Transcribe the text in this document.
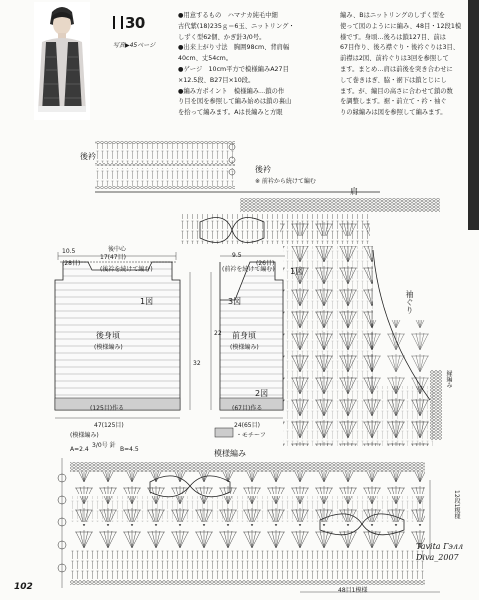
30
写真▶45ページ

●用意するもの　ハマナカ純毛中細

古代紫(18)235ｇ＝6玉、ニットリング・

しずく型62個、かぎ針3/0号。

●出来上がり寸法　胸囲98cm、背肩幅

40cm、丈54cm。

●ゲージ　10cm平方で模様編みA27目

×12.5段、B27目×10段。

●編み方ポイント　模様編み…鎖の作

り目を図を参照して編み始めは鎖の裏山

を拾って編みます。Aは長編みと方眼

編み、Bはニットリングのしずく型を

使って図のようにに編み、48目・12段1模

様です。身頃…後ろは鎖127目、前は

67目作り、後ろ襟ぐり・後衿ぐりは3目、

前襟は2図、前衿ぐりは3回を参照して

ます。まとめ…肩は前後を突き合わせに

して巻きはぎ、脇・裾下は鎖とじにし

ます。が、編目の高さに合わせて鎖の数

を調整します。裾・前立て・衿・袖ぐ

りの縁編みは図を参照して編みます。

後衿
後衿
※ 前衿から続けて編む
肩
袖ぐり
1図
後中心
(後衿を続けて編む)	(前衿を続けて編む)
10.5
(28目)
17(47目)	9.5
(26目)
1図	3図
2図
後身頃
(模様編み)
前身頃
(模様編み)
32
22
(125目)作る	(67目)作る
47(125目)	24(65目)
(模様編み)
3/0号 針
・モチーフ
A=2.4	B=4.5	模様編み
縁編み
12段1模様
48目1模様
Tavita Гэлл
Diva_2007
102
